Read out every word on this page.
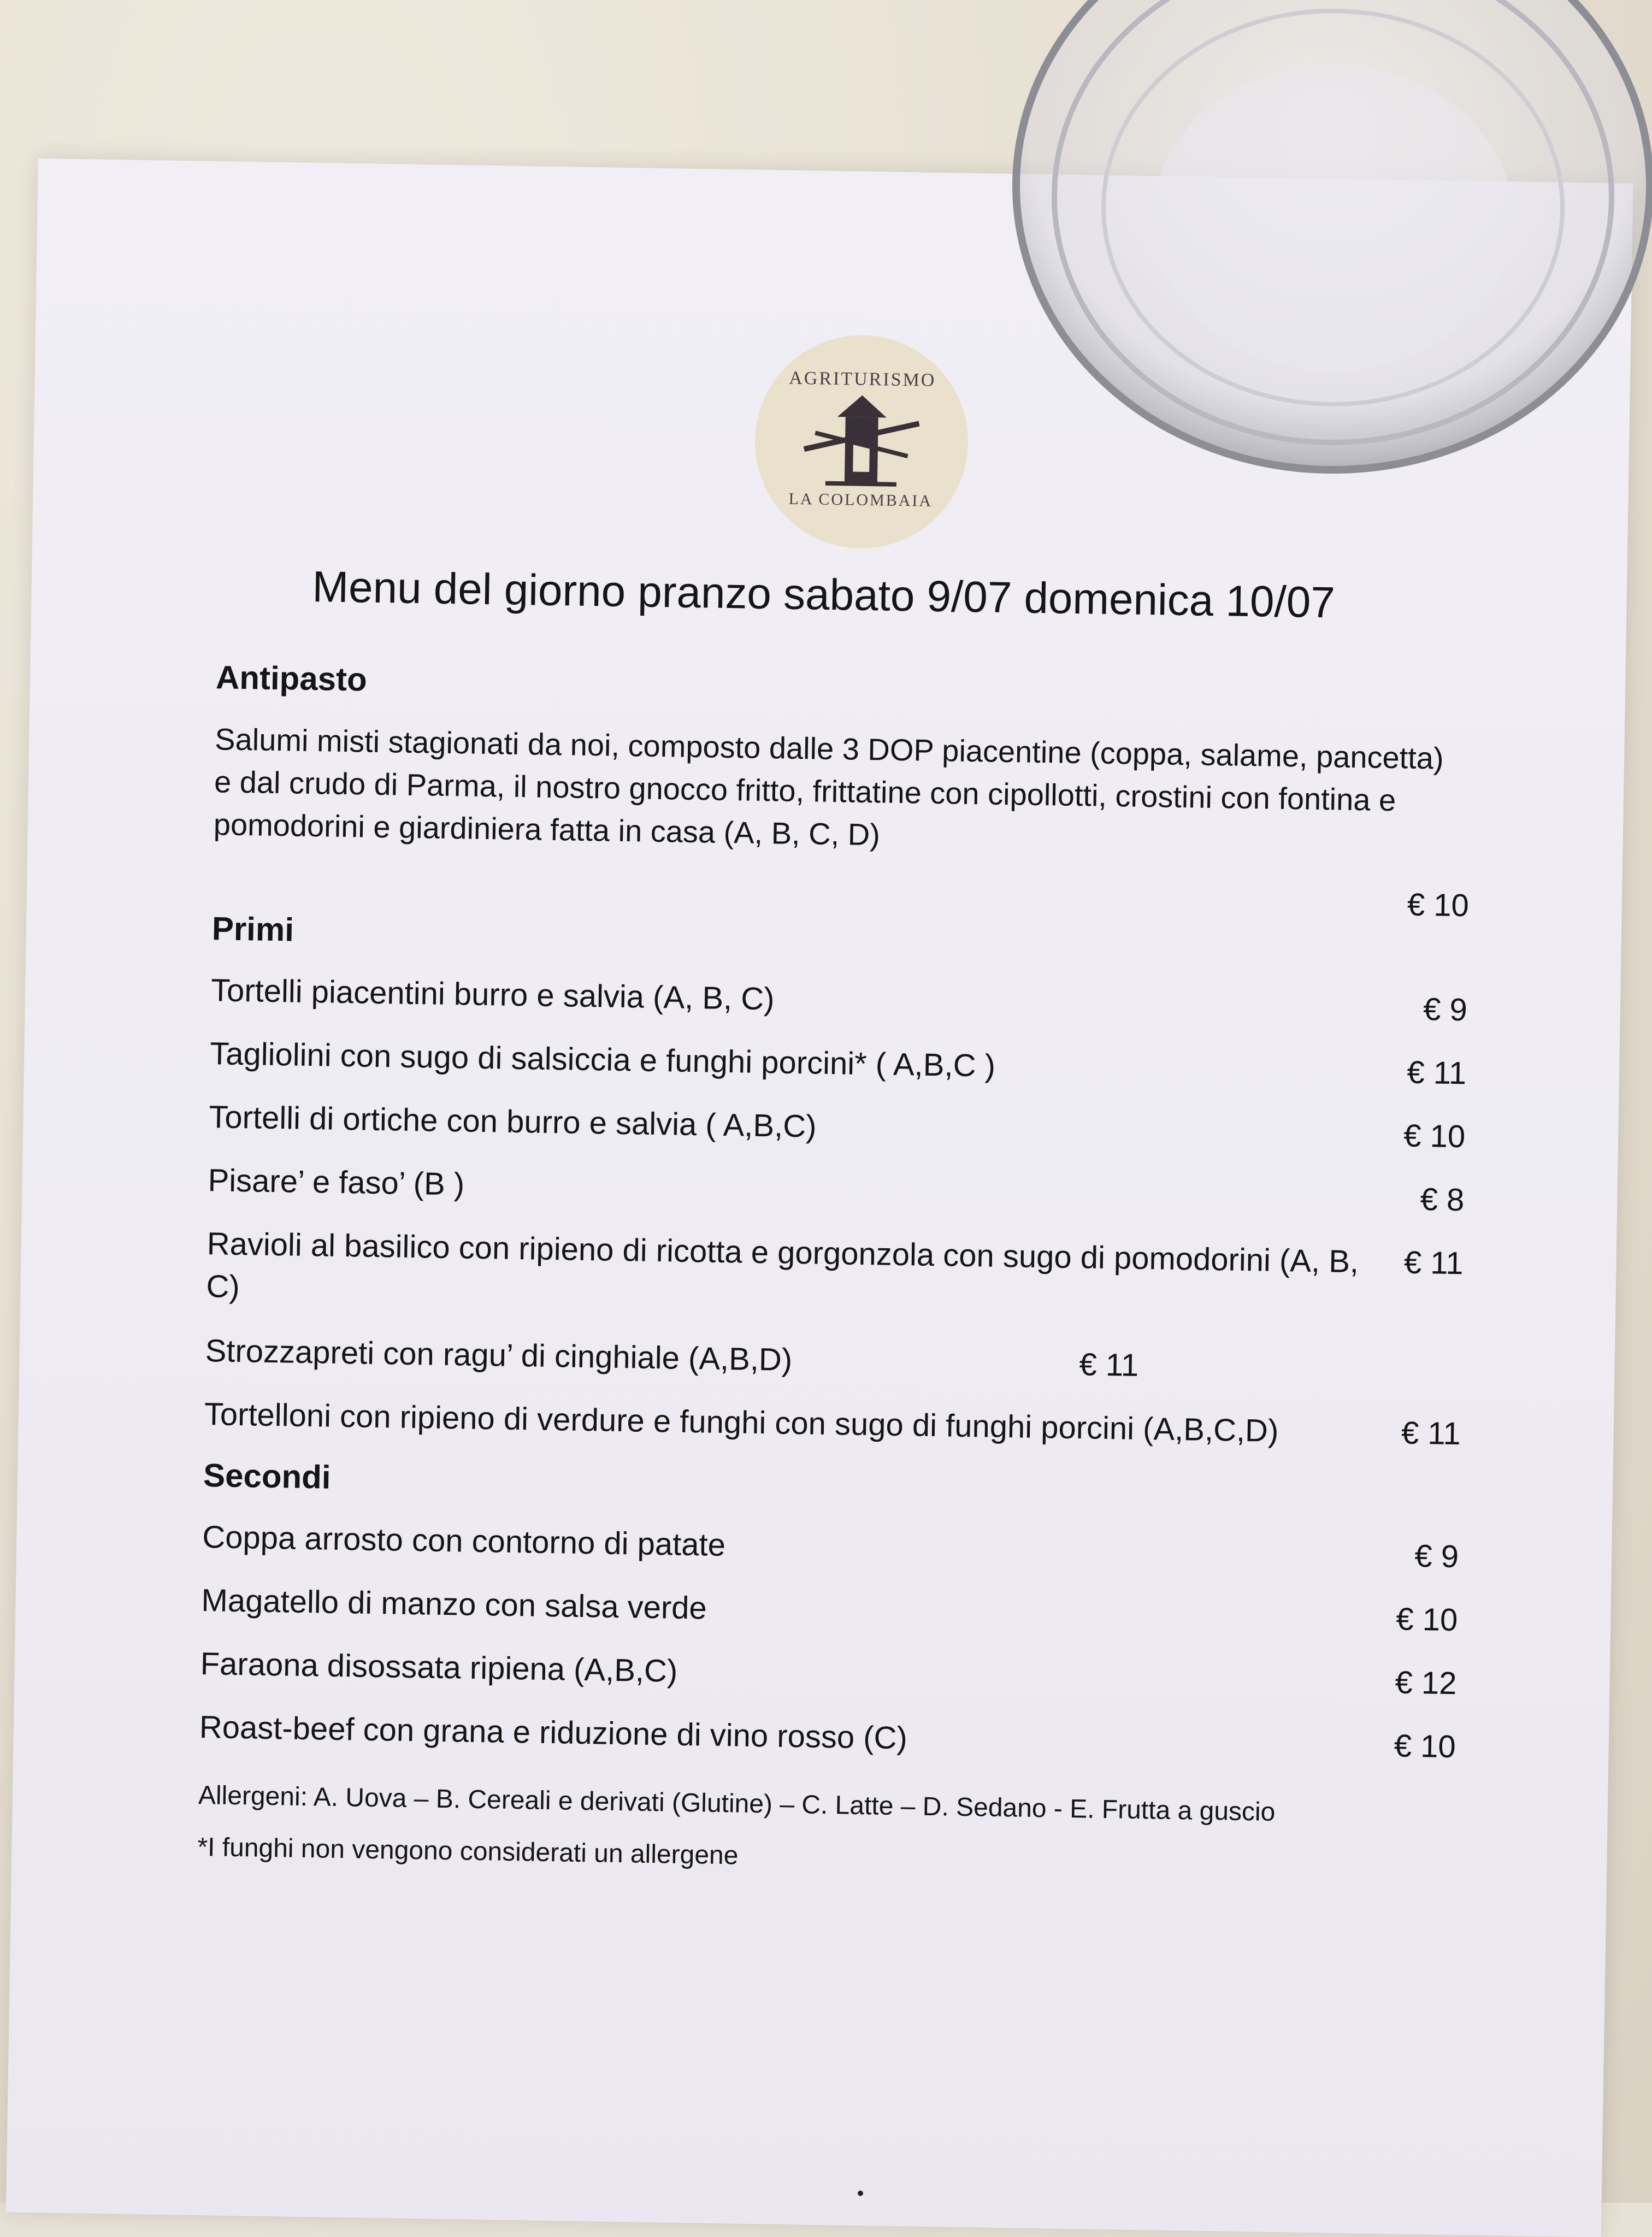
AGRITURISMO
LA COLOMBAIA
Menu del giorno pranzo sabato 9/07 domenica 10/07
Antipasto
Salumi misti stagionati da noi, composto dalle 3 DOP piacentine (coppa, salame, pancetta) e dal crudo di Parma, il nostro gnocco fritto, frittatine con cipollotti, crostini con fontina e pomodorini e giardiniera fatta in casa (A, B, C, D)
€ 10
Primi
Tortelli piacentini burro e salvia (A, B, C)	€ 9
Tagliolini con sugo di salsiccia e funghi porcini* ( A,B,C )	€ 11
Tortelli di ortiche con burro e salvia ( A,B,C)	€ 10
Pisare’ e faso’ (B )	€ 8
Ravioli al basilico con ripieno di ricotta e gorgonzola con sugo di pomodorini (A, B, C)
€ 11
Strozzapreti con ragu’ di cinghiale (A,B,D)	€ 11
Tortelloni con ripieno di verdure e funghi con sugo di funghi porcini (A,B,C,D)	€ 11
Secondi
Coppa arrosto con contorno di patate	€ 9
Magatello di manzo con salsa verde	€ 10
Faraona disossata ripiena (A,B,C)	€ 12
Roast-beef con grana e riduzione di vino rosso (C)	€ 10
Allergeni: A. Uova – B. Cereali e derivati (Glutine) – C. Latte – D. Sedano - E. Frutta a guscio
*I funghi non vengono considerati un allergene
